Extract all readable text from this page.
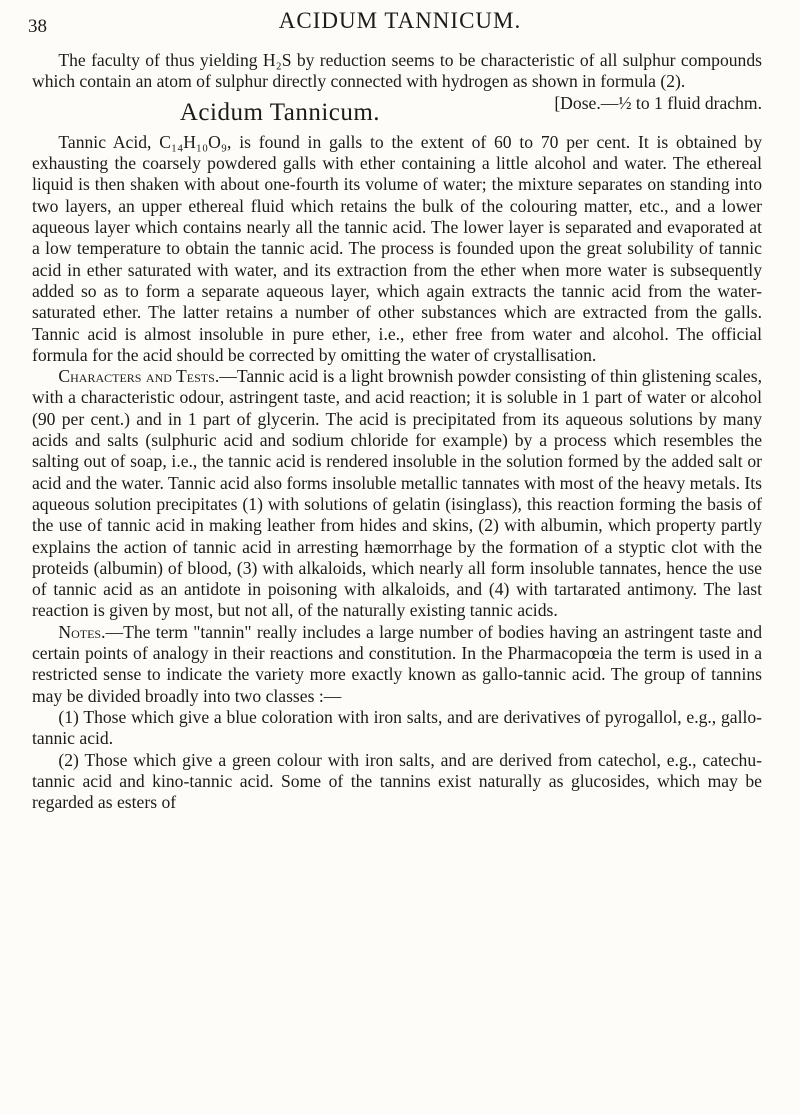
38	ACIDUM TANNICUM.

The faculty of thus yielding H₂S by reduction seems to be characteristic of all sulphur compounds which contain an atom of sulphur directly connected with hydrogen as shown in formula (2).
[Dose.—½ to 1 fluid drachm.

Acidum Tannicum.

Tannic Acid, C₁₄H₁₀O₉, is found in galls to the extent of 60 to 70 per cent. It is obtained by exhausting the coarsely powdered galls with ether containing a little alcohol and water. The ethereal liquid is then shaken with about one-fourth its volume of water; the mixture separates on standing into two layers, an upper ethereal fluid which retains the bulk of the colouring matter, etc., and a lower aqueous layer which contains nearly all the tannic acid. The lower layer is separated and evaporated at a low temperature to obtain the tannic acid. The process is founded upon the great solubility of tannic acid in ether saturated with water, and its extraction from the ether when more water is subsequently added so as to form a separate aqueous layer, which again extracts the tannic acid from the water-saturated ether. The latter retains a number of other substances which are extracted from the galls. Tannic acid is almost insoluble in pure ether, i.e., ether free from water and alcohol. The official formula for the acid should be corrected by omitting the water of crystallisation.

Characters and Tests.—Tannic acid is a light brownish powder consisting of thin glistening scales, with a characteristic odour, astringent taste, and acid reaction; it is soluble in 1 part of water or alcohol (90 per cent.) and in 1 part of glycerin. The acid is precipitated from its aqueous solutions by many acids and salts (sulphuric acid and sodium chloride for example) by a process which resembles the salting out of soap, i.e., the tannic acid is rendered insoluble in the solution formed by the added salt or acid and the water. Tannic acid also forms insoluble metallic tannates with most of the heavy metals. Its aqueous solution precipitates (1) with solutions of gelatin (isinglass), this reaction forming the basis of the use of tannic acid in making leather from hides and skins, (2) with albumin, which property partly explains the action of tannic acid in arresting hæmorrhage by the formation of a styptic clot with the proteids (albumin) of blood, (3) with alkaloids, which nearly all form insoluble tannates, hence the use of tannic acid as an antidote in poisoning with alkaloids, and (4) with tartarated antimony. The last reaction is given by most, but not all, of the naturally existing tannic acids.

Notes.—The term "tannin" really includes a large number of bodies having an astringent taste and certain points of analogy in their reactions and constitution. In the Pharmacopœia the term is used in a restricted sense to indicate the variety more exactly known as gallo-tannic acid. The group of tannins may be divided broadly into two classes :—

(1) Those which give a blue coloration with iron salts, and are derivatives of pyrogallol, e.g., gallo-tannic acid.

(2) Those which give a green colour with iron salts, and are derived from catechol, e.g., catechu-tannic acid and kino-tannic acid. Some of the tannins exist naturally as glucosides, which may be regarded as esters of
